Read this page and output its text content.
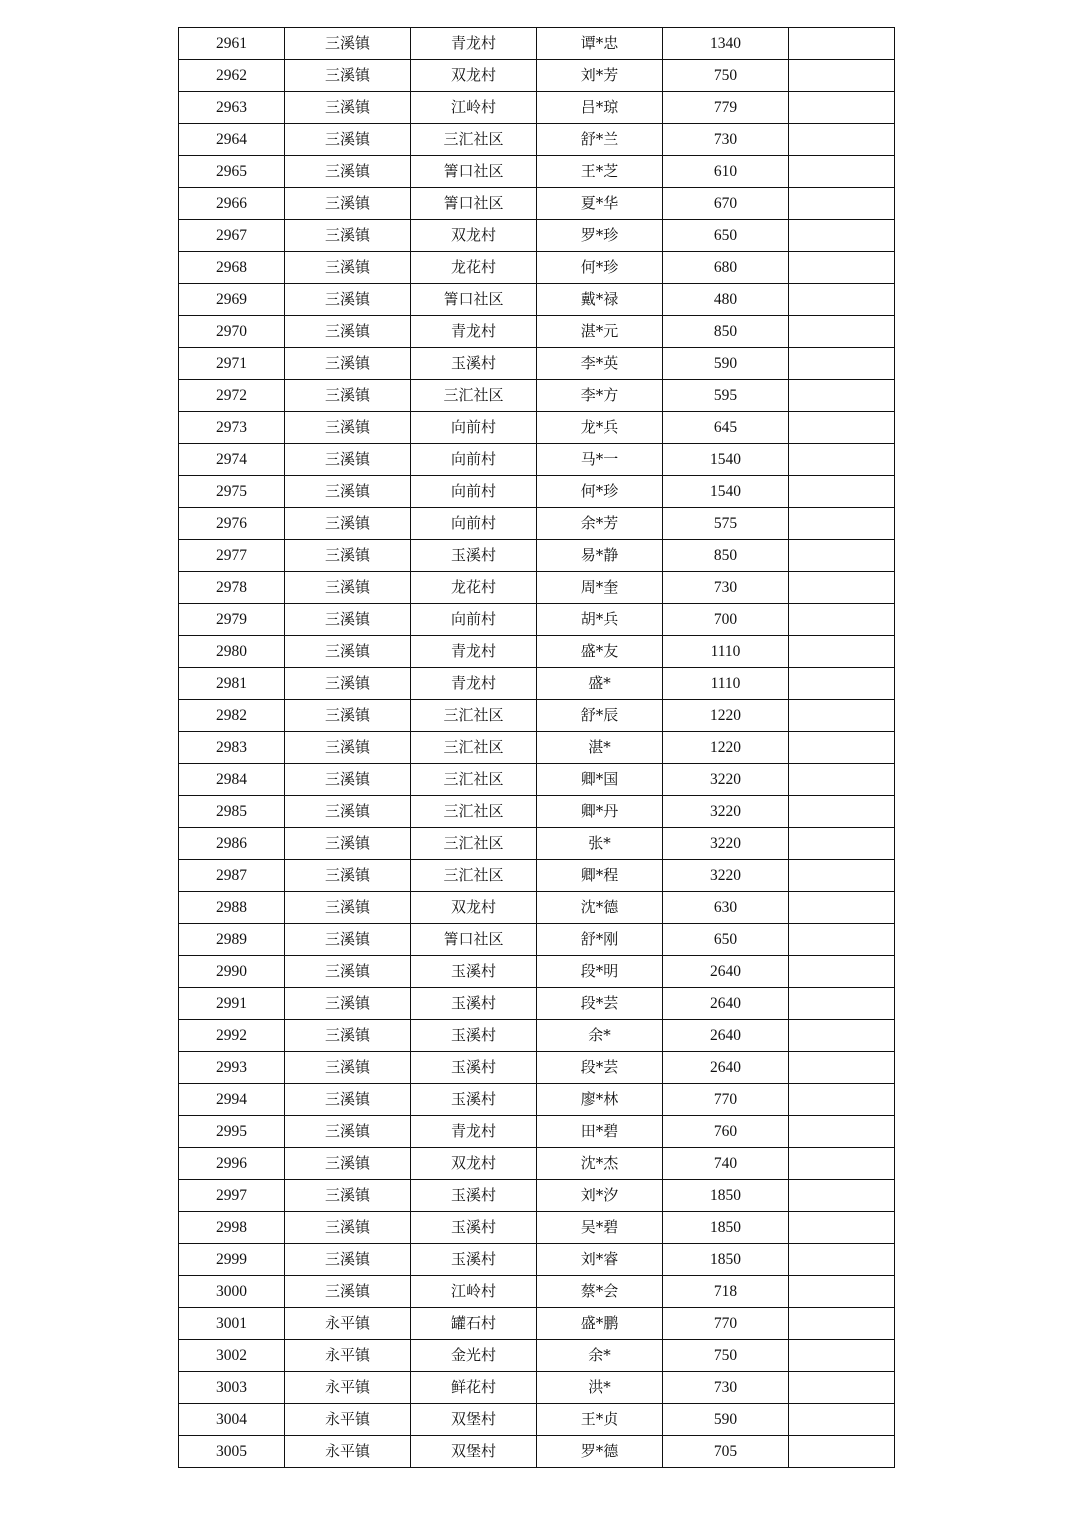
2961	三溪镇	青龙村	谭*忠	1340	
2962	三溪镇	双龙村	刘*芳	750	
2963	三溪镇	江岭村	吕*琼	779	
2964	三溪镇	三汇社区	舒*兰	730	
2965	三溪镇	箐口社区	王*芝	610	
2966	三溪镇	箐口社区	夏*华	670	
2967	三溪镇	双龙村	罗*珍	650	
2968	三溪镇	龙花村	何*珍	680	
2969	三溪镇	箐口社区	戴*禄	480	
2970	三溪镇	青龙村	湛*元	850	
2971	三溪镇	玉溪村	李*英	590	
2972	三溪镇	三汇社区	李*方	595	
2973	三溪镇	向前村	龙*兵	645	
2974	三溪镇	向前村	马*一	1540	
2975	三溪镇	向前村	何*珍	1540	
2976	三溪镇	向前村	余*芳	575	
2977	三溪镇	玉溪村	易*静	850	
2978	三溪镇	龙花村	周*奎	730	
2979	三溪镇	向前村	胡*兵	700	
2980	三溪镇	青龙村	盛*友	1110	
2981	三溪镇	青龙村	盛*	1110	
2982	三溪镇	三汇社区	舒*辰	1220	
2983	三溪镇	三汇社区	湛*	1220	
2984	三溪镇	三汇社区	卿*国	3220	
2985	三溪镇	三汇社区	卿*丹	3220	
2986	三溪镇	三汇社区	张*	3220	
2987	三溪镇	三汇社区	卿*程	3220	
2988	三溪镇	双龙村	沈*德	630	
2989	三溪镇	箐口社区	舒*刚	650	
2990	三溪镇	玉溪村	段*明	2640	
2991	三溪镇	玉溪村	段*芸	2640	
2992	三溪镇	玉溪村	余*	2640	
2993	三溪镇	玉溪村	段*芸	2640	
2994	三溪镇	玉溪村	廖*林	770	
2995	三溪镇	青龙村	田*碧	760	
2996	三溪镇	双龙村	沈*杰	740	
2997	三溪镇	玉溪村	刘*汐	1850	
2998	三溪镇	玉溪村	吴*碧	1850	
2999	三溪镇	玉溪村	刘*睿	1850	
3000	三溪镇	江岭村	蔡*会	718	
3001	永平镇	罐石村	盛*鹏	770	
3002	永平镇	金光村	余*	750	
3003	永平镇	鲜花村	洪*	730	
3004	永平镇	双堡村	王*贞	590	
3005	永平镇	双堡村	罗*德	705	
